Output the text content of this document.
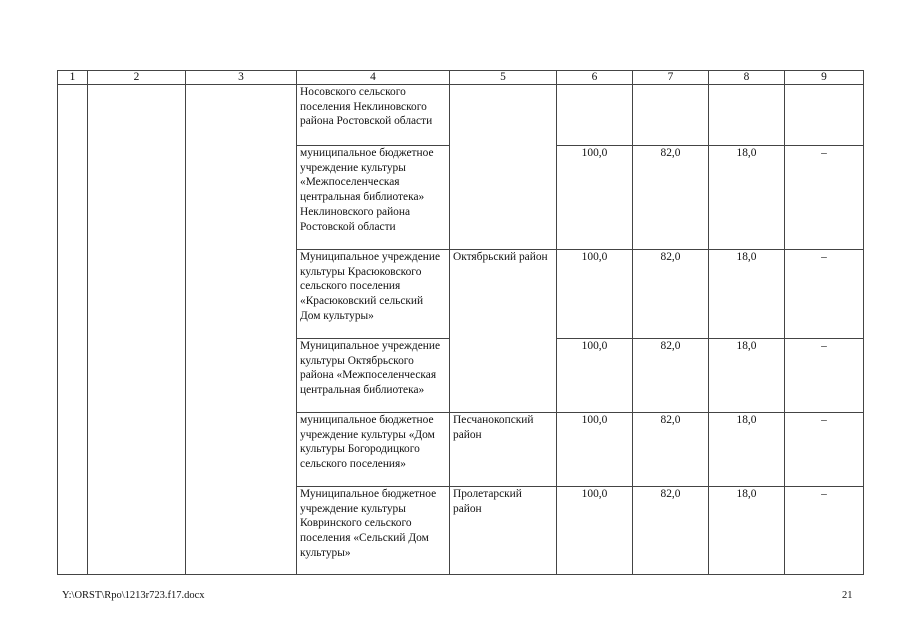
1	2	3	4	5	6	7	8	9
			Носовского сельского поселения Неклиновского района Ростовской области					
			муниципальное бюджетное учреждение культуры «Межпоселенческая центральная библиотека» Неклиновского района Ростовской области		100,0	82,0	18,0	–
			Муниципальное учреждение культуры Красюковского сельского поселения «Красюковский сельский Дом культуры»	Октябрьский район	100,0	82,0	18,0	–
			Муниципальное учреждение культуры Октябрьского района «Межпоселенческая центральная библиотека»		100,0	82,0	18,0	–
			муниципальное бюджетное учреждение культуры «Дом культуры Богородицкого сельского поселения»	Песчанокопский район	100,0	82,0	18,0	–
			Муниципальное бюджетное учреждение культуры Ковринского сельского поселения «Сельский Дом культуры»	Пролетарский район	100,0	82,0	18,0	–
Y:\ORST\Rpo\1213r723.f17.docx	21
